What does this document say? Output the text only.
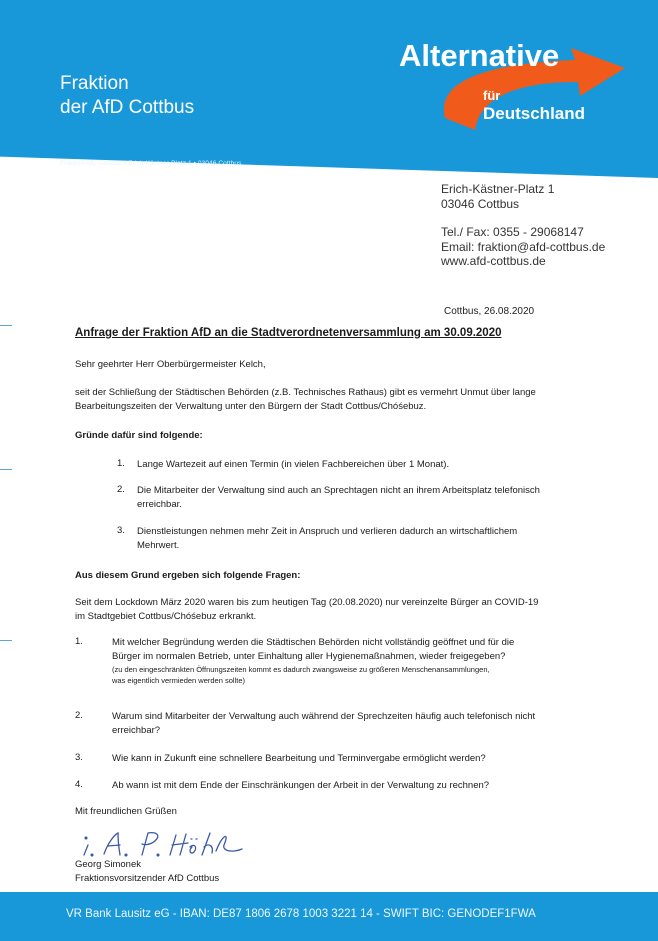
Fraktion
der AfD Cottbus
Fraktion AfD Cottbus • Erich-Kästner-Platz 1 • 03046 Cottbus
Alternative
für
Deutschland
Erich-Kästner-Platz 1
03046 Cottbus
Tel./ Fax: 0355 - 29068147
Email: fraktion@afd-cottbus.de
www.afd-cottbus.de
Cottbus, 26.08.2020
Anfrage der Fraktion AfD an die Stadtverordnetenversammlung am 30.09.2020
Sehr geehrter Herr Oberbürgermeister Kelch,
seit der Schließung der Städtischen Behörden (z.B. Technisches Rathaus) gibt es vermehrt Unmut über lange
Bearbeitungszeiten der Verwaltung unter den Bürgern der Stadt Cottbus/Chóśebuz.
Gründe dafür sind folgende:
1. Lange Wartezeit auf einen Termin (in vielen Fachbereichen über 1 Monat).
2. Die Mitarbeiter der Verwaltung sind auch an Sprechtagen nicht an ihrem Arbeitsplatz telefonisch
erreichbar.
3. Dienstleistungen nehmen mehr Zeit in Anspruch und verlieren dadurch an wirtschaftlichem
Mehrwert.
Aus diesem Grund ergeben sich folgende Fragen:
Seit dem Lockdown März 2020 waren bis zum heutigen Tag (20.08.2020) nur vereinzelte Bürger an COVID-19
im Stadtgebiet Cottbus/Chóśebuz erkrankt.
1.	Mit welcher Begründung werden die Städtischen Behörden nicht vollständig geöffnet und für die
Bürger im normalen Betrieb, unter Einhaltung aller Hygienemaßnahmen, wieder freigegeben?
(zu den eingeschränkten Öffnungszeiten kommt es dadurch zwangsweise zu größeren Menschenansammlungen,
was eigentlich vermieden werden sollte)
2.	Warum sind Mitarbeiter der Verwaltung auch während der Sprechzeiten häufig auch telefonisch nicht
erreichbar?
3.	Wie kann in Zukunft eine schnellere Bearbeitung und Terminvergabe ermöglicht werden?
4.	Ab wann ist mit dem Ende der Einschränkungen der Arbeit in der Verwaltung zu rechnen?
Mit freundlichen Grüßen
Georg Simonek
Fraktionsvorsitzender AfD Cottbus
VR Bank Lausitz eG - IBAN: DE87 1806 2678 1003 3221 14 - SWIFT BIC: GENODEF1FWA
